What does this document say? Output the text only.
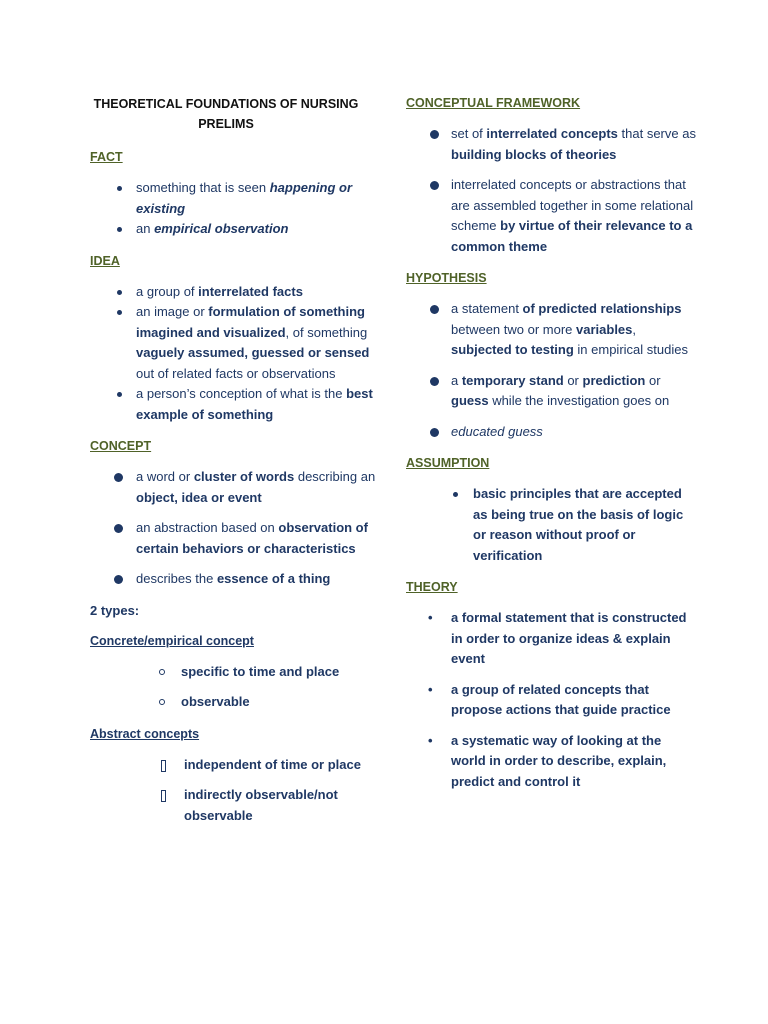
THEORETICAL FOUNDATIONS OF NURSING
PRELIMS
FACT
something that is seen happening or existing
an empirical observation
IDEA
a group of interrelated facts
an image or formulation of something imagined and visualized, of something vaguely assumed, guessed or sensed out of related facts or observations
a person’s conception of what is the best example of something
CONCEPT
a word or cluster of words describing an object, idea or event
an abstraction based on observation of certain behaviors or characteristics
describes the essence of a thing
2 types:
Concrete/empirical concept
specific to time and place
observable
Abstract concepts
independent of time or place
indirectly observable/not observable
CONCEPTUAL FRAMEWORK
set of interrelated concepts that serve as building blocks of theories
interrelated concepts or abstractions that are assembled together in some relational scheme by virtue of their relevance to a common theme
HYPOTHESIS
a statement of predicted relationships between two or more variables, subjected to testing in empirical studies
a temporary stand or prediction or guess while the investigation goes on
educated guess
ASSUMPTION
basic principles that are accepted as being true on the basis of logic or reason without proof or verification
THEORY
• a formal statement that is constructed in order to organize ideas & explain event
• a group of related concepts that propose actions that guide practice
• a systematic way of looking at the world in order to describe, explain, predict and control it
